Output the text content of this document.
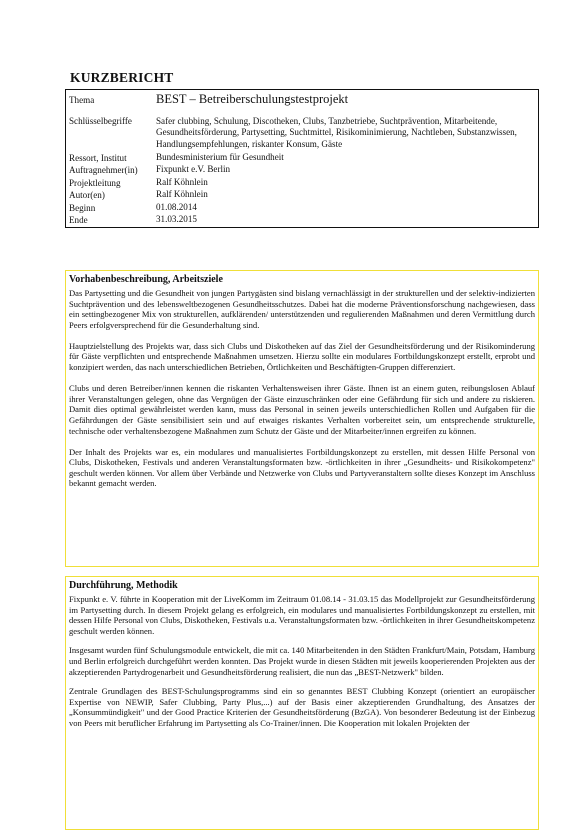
KURZBERICHT
Thema	BEST – Betreiberschulungstestprojekt
Schlüsselbegriffe	Safer clubbing, Schulung, Discotheken, Clubs, Tanzbetriebe, Suchtprävention, Mitarbeitende, Gesundheitsförderung, Partysetting, Suchtmittel, Risikominimierung, Nachtleben, Substanzwissen, Handlungsempfehlungen, riskanter Konsum, Gäste
Ressort, Institut	Bundesministerium für Gesundheit
Auftragnehmer(in)	Fixpunkt e.V. Berlin
Projektleitung	Ralf Köhnlein
Autor(en)	Ralf Köhnlein
Beginn	01.08.2014
Ende	31.03.2015
Vorhabenbeschreibung, Arbeitsziele

Das Partysetting und die Gesundheit von jungen Partygästen sind bislang vernachlässigt in der strukturellen und der selektiv-indizierten Suchtprävention und des lebensweltbezogenen Gesundheitsschutzes. Dabei hat die moderne Präventionsforschung nachgewiesen, dass ein settingbezogener Mix von strukturellen, aufklärenden/ unterstützenden und regulierenden Maßnahmen und deren Vermittlung durch Peers erfolgversprechend für die Gesunderhaltung sind.

Hauptzielstellung des Projekts war, dass sich Clubs und Diskotheken auf das Ziel der Gesundheitsförderung und der Risikominderung für Gäste verpflichten und entsprechende Maßnahmen umsetzen. Hierzu sollte ein modulares Fortbildungskonzept erstellt, erprobt und konzipiert werden, das nach unterschiedlichen Betrieben, Örtlichkeiten und Beschäftigten-Gruppen differenziert.

Clubs und deren Betreiber/innen kennen die riskanten Verhaltensweisen ihrer Gäste. Ihnen ist an einem guten, reibungslosen Ablauf ihrer Veranstaltungen gelegen, ohne das Vergnügen der Gäste einzuschränken oder eine Gefährdung für sich und andere zu riskieren. Damit dies optimal gewährleistet werden kann, muss das Personal in seinen jeweils unterschiedlichen Rollen und Aufgaben für die Gefährdungen der Gäste sensibilisiert sein und auf etwaiges riskantes Verhalten vorbereitet sein, um entsprechende strukturelle, technische oder verhaltensbezogene Maßnahmen zum Schutz der Gäste und der Mitarbeiter/innen ergreifen zu können.

Der Inhalt des Projekts war es, ein modulares und manualisiertes Fortbildungskonzept zu erstellen, mit dessen Hilfe Personal von Clubs, Diskotheken, Festivals und anderen Veranstaltungsformaten bzw. -örtlichkeiten in ihrer „Gesundheits- und Risikokompetenz" geschult werden können. Vor allem über Verbände und Netzwerke von Clubs und Partyveranstaltern sollte dieses Konzept im Anschluss bekannt gemacht werden.

Durchführung, Methodik

Fixpunkt e. V. führte in Kooperation mit der LiveKomm im Zeitraum 01.08.14 - 31.03.15 das Modellprojekt zur Gesundheitsförderung im Partysetting durch. In diesem Projekt gelang es erfolgreich, ein modulares und manualisiertes Fortbildungskonzept zu erstellen, mit dessen Hilfe Personal von Clubs, Diskotheken, Festivals u.a. Veranstaltungsformaten bzw. -örtlichkeiten in ihrer Gesundheitskompetenz geschult werden können.

Insgesamt wurden fünf Schulungsmodule entwickelt, die mit ca. 140 Mitarbeitenden in den Städten Frankfurt/Main, Potsdam, Hamburg und Berlin erfolgreich durchgeführt werden konnten. Das Projekt wurde in diesen Städten mit jeweils kooperierenden Projekten aus der akzeptierenden Partydrogenarbeit und Gesundheitsförderung realisiert, die nun das „BEST-Netzwerk" bilden.

Zentrale Grundlagen des BEST-Schulungsprogramms sind ein so genanntes BEST Clubbing Konzept (orientiert an europäischer Expertise von NEWIP, Safer Clubbing, Party Plus,...) auf der Basis einer akzeptierenden Grundhaltung, des Ansatzes der „Konsummündigkeit" und der Good Practice Kriterien der Gesundheitsförderung (BzGA). Von besonderer Bedeutung ist der Einbezug von Peers mit beruflicher Erfahrung im Partysetting als Co-Trainer/innen. Die Kooperation mit lokalen Projekten der
